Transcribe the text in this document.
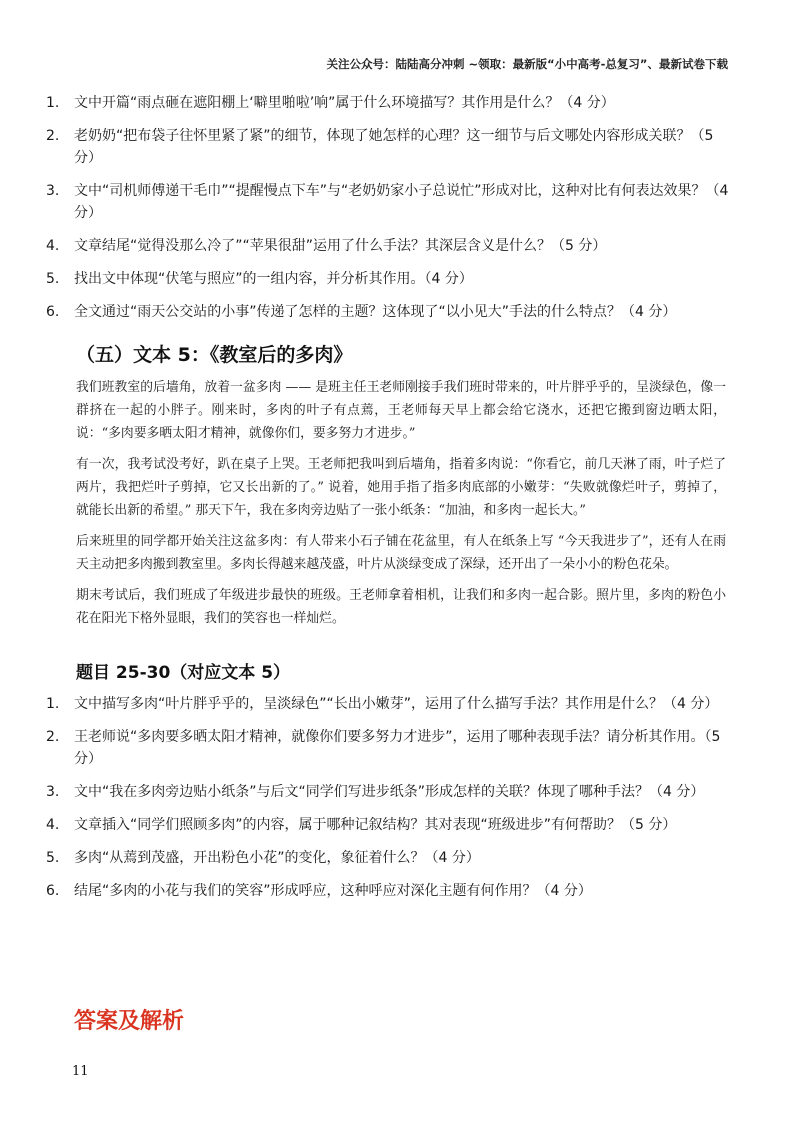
关注公众号：陆陆高分冲刺 ~领取：最新版“小中高考-总复习”、最新试卷下载
1.	文中开篇“雨点砸在遮阳棚上‘噼里啪啦’响”属于什么环境描写？其作用是什么？（4 分）
2.	老奶奶“把布袋子往怀里紧了紧”的细节，体现了她怎样的心理？这一细节与后文哪处内容形成关联？（5 分）
3.	文中“司机师傅递干毛巾”“提醒慢点下车”与“老奶奶家小子总说忙”形成对比，这种对比有何表达效果？（4 分）
4.	文章结尾“觉得没那么冷了”“苹果很甜”运用了什么手法？其深层含义是什么？（5 分）
5.	找出文中体现“伏笔与照应”的一组内容，并分析其作用。（4 分）
6.	全文通过“雨天公交站的小事”传递了怎样的主题？这体现了“以小见大”手法的什么特点？（4 分）
（五）文本 5：《教室后的多肉》

我们班教室的后墙角，放着一盆多肉 —— 是班主任王老师刚接手我们班时带来的，叶片胖乎乎的，呈淡绿色，像一群挤在一起的小胖子。刚来时，多肉的叶子有点蔫，王老师每天早上都会给它浇水，还把它搬到窗边晒太阳，说：“多肉要多晒太阳才精神，就像你们，要多努力才进步。”

有一次，我考试没考好，趴在桌子上哭。王老师把我叫到后墙角，指着多肉说：“你看它，前几天淋了雨，叶子烂了两片，我把烂叶子剪掉，它又长出新的了。” 说着，她用手指了指多肉底部的小嫩芽：“失败就像烂叶子，剪掉了，就能长出新的希望。” 那天下午，我在多肉旁边贴了一张小纸条：“加油，和多肉一起长大。”

后来班里的同学都开始关注这盆多肉：有人带来小石子铺在花盆里，有人在纸条上写 “今天我进步了”，还有人在雨天主动把多肉搬到教室里。多肉长得越来越茂盛，叶片从淡绿变成了深绿，还开出了一朵小小的粉色花朵。

期末考试后，我们班成了年级进步最快的班级。王老师拿着相机，让我们和多肉一起合影。照片里，多肉的粉色小花在阳光下格外显眼，我们的笑容也一样灿烂。

题目 25-30（对应文本 5）
1.	文中描写多肉“叶片胖乎乎的，呈淡绿色”“长出小嫩芽”，运用了什么描写手法？其作用是什么？（4 分）
2.	王老师说“多肉要多晒太阳才精神，就像你们要多努力才进步”，运用了哪种表现手法？请分析其作用。（5 分）
3.	文中“我在多肉旁边贴小纸条”与后文“同学们写进步纸条”形成怎样的关联？体现了哪种手法？（4 分）
4.	文章插入“同学们照顾多肉”的内容，属于哪种记叙结构？其对表现“班级进步”有何帮助？（5 分）
5.	多肉“从蔫到茂盛，开出粉色小花”的变化，象征着什么？（4 分）
6.	结尾“多肉的小花与我们的笑容”形成呼应，这种呼应对深化主题有何作用？（4 分）
答案及解析
11
